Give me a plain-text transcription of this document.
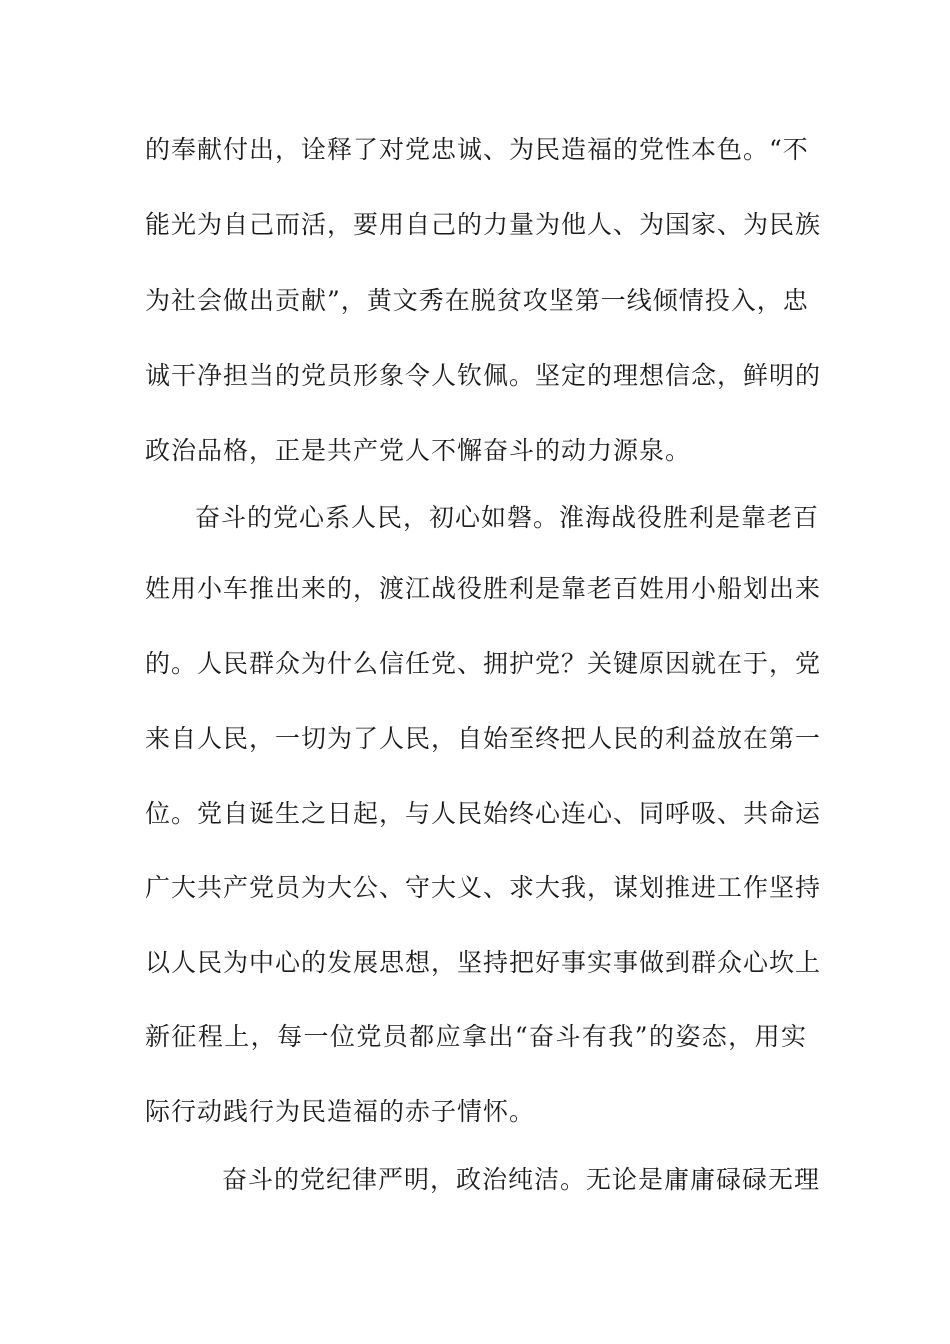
的奉献付出，诠释了对党忠诚、为民造福的党性本色。“不
能光为自己而活，要用自己的力量为他人、为国家、为民族
为社会做出贡献”，黄文秀在脱贫攻坚第一线倾情投入，忠
诚干净担当的党员形象令人钦佩。坚定的理想信念，鲜明的
政治品格，正是共产党人不懈奋斗的动力源泉。
奋斗的党心系人民，初心如磐。淮海战役胜利是靠老百
姓用小车推出来的，渡江战役胜利是靠老百姓用小船划出来
的。人民群众为什么信任党、拥护党？关键原因就在于，党
来自人民，一切为了人民，自始至终把人民的利益放在第一
位。党自诞生之日起，与人民始终心连心、同呼吸、共命运
广大共产党员为大公、守大义、求大我，谋划推进工作坚持
以人民为中心的发展思想，坚持把好事实事做到群众心坎上
新征程上，每一位党员都应拿出“奋斗有我”的姿态，用实
际行动践行为民造福的赤子情怀。
奋斗的党纪律严明，政治纯洁。无论是庸庸碌碌无理
